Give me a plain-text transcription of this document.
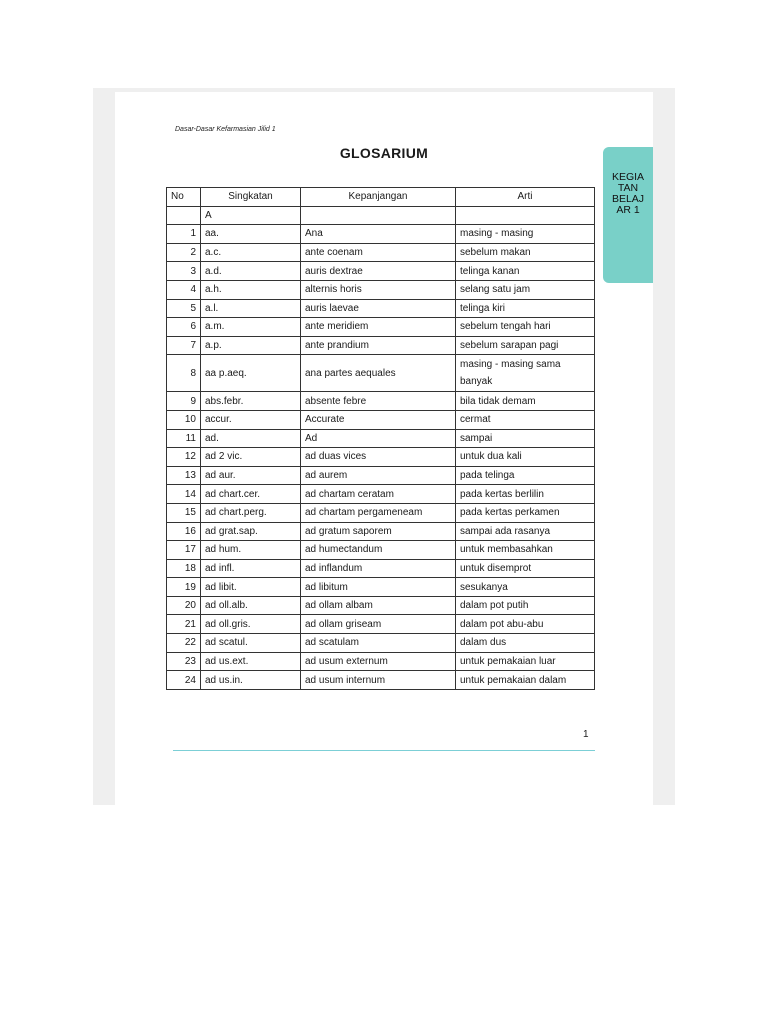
Dasar-Dasar Kefarmasian Jilid 1
GLOSARIUM
KEGIA
TAN
BELAJ
AR 1
No	Singkatan	Kepanjangan	Arti
	A		
1	aa.	Ana	masing - masing
2	a.c.	ante coenam	sebelum makan
3	a.d.	auris dextrae	telinga kanan
4	a.h.	alternis horis	selang satu jam
5	a.l.	auris laevae	telinga kiri
6	a.m.	ante meridiem	sebelum tengah hari
7	a.p.	ante prandium	sebelum sarapan pagi
8	aa p.aeq.	ana partes aequales	masing - masing sama banyak
9	abs.febr.	absente febre	bila tidak demam
10	accur.	Accurate	cermat
11	ad.	Ad	sampai
12	ad 2 vic.	ad duas vices	untuk dua kali
13	ad aur.	ad aurem	pada telinga
14	ad chart.cer.	ad chartam ceratam	pada kertas berlilin
15	ad chart.perg.	ad chartam pergameneam	pada kertas perkamen
16	ad grat.sap.	ad gratum saporem	sampai ada rasanya
17	ad hum.	ad humectandum	untuk membasahkan
18	ad infl.	ad inflandum	untuk disemprot
19	ad libit.	ad libitum	sesukanya
20	ad oll.alb.	ad ollam albam	dalam pot putih
21	ad oll.gris.	ad ollam griseam	dalam pot abu-abu
22	ad scatul.	ad scatulam	dalam dus
23	ad us.ext.	ad usum externum	untuk pemakaian luar
24	ad us.in.	ad usum internum	untuk pemakaian dalam
1
